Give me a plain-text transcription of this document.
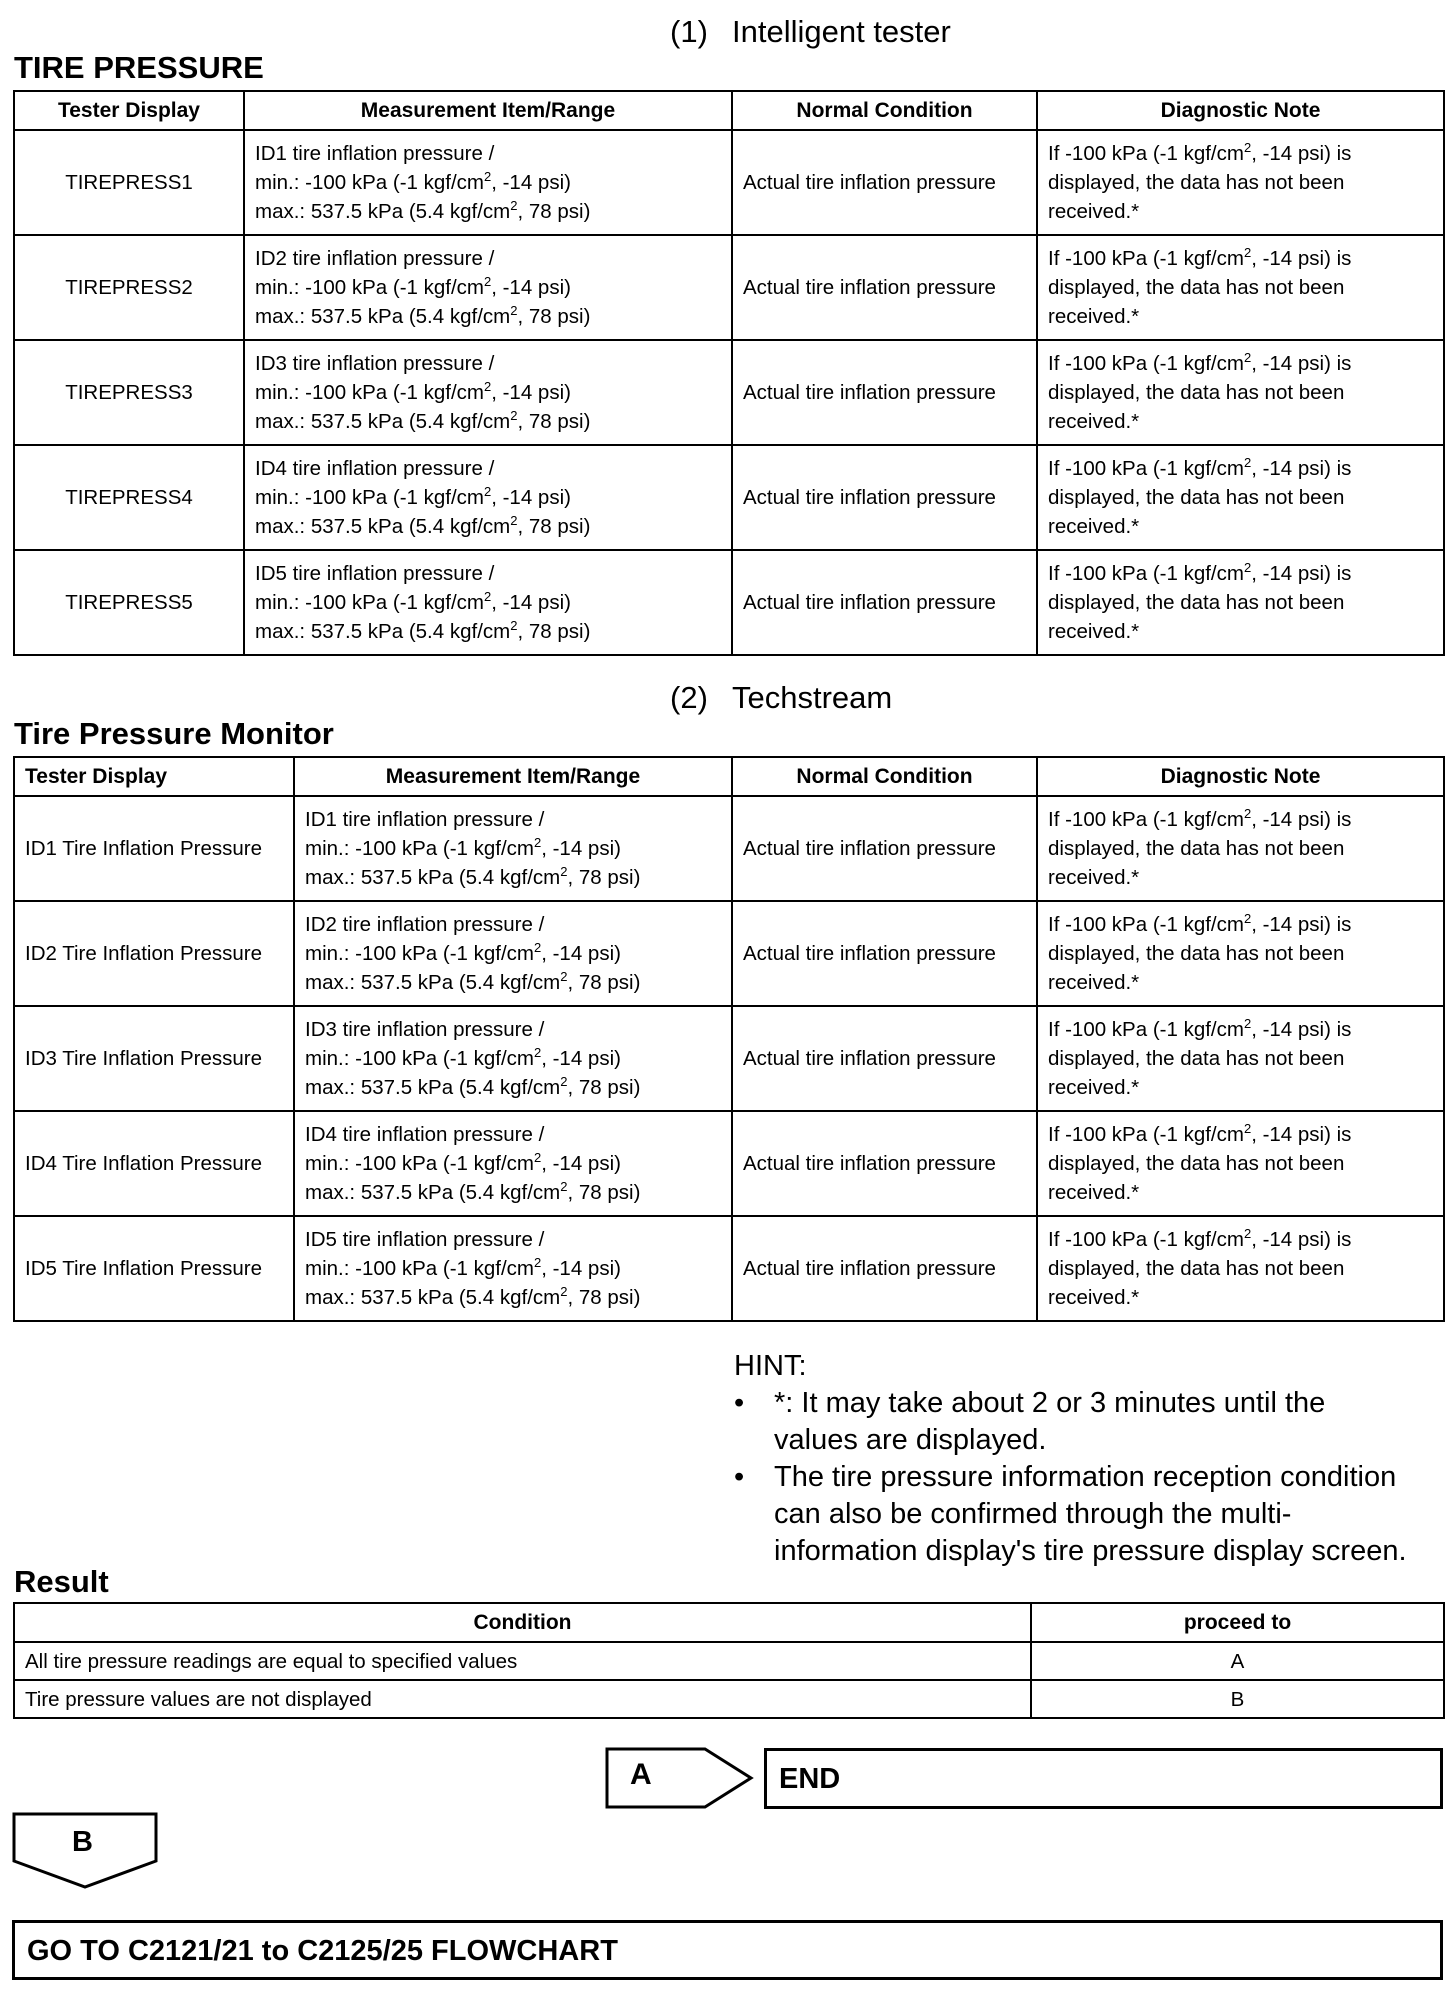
(1) Intelligent tester
TIRE PRESSURE
Tester Display	Measurement Item/Range	Normal Condition	Diagnostic Note
TIREPRESS1	ID1 tire inflation pressure /
min.: -100 kPa (-1 kgf/$cm^2$, -14 psi)
max.: 537.5 kPa (5.4 kgf/$cm^2$, 78 psi)	Actual tire inflation pressure	If -100 kPa (-1 kgf/$cm^2$, -14 psi) is
displayed, the data has not been
received.*

TIREPRESS2	ID2 tire inflation pressure /
min.: -100 kPa (-1 kgf/$cm^2$, -14 psi)
max.: 537.5 kPa (5.4 kgf/$cm^2$, 78 psi)	Actual tire inflation pressure	If -100 kPa (-1 kgf/$cm^2$, -14 psi) is
displayed, the data has not been
received.*

TIREPRESS3	ID3 tire inflation pressure /
min.: -100 kPa (-1 kgf/$cm^2$, -14 psi)
max.: 537.5 kPa (5.4 kgf/$cm^2$, 78 psi)	Actual tire inflation pressure	If -100 kPa (-1 kgf/$cm^2$, -14 psi) is
displayed, the data has not been
received.*

TIREPRESS4	ID4 tire inflation pressure /
min.: -100 kPa (-1 kgf/$cm^2$, -14 psi)
max.: 537.5 kPa (5.4 kgf/$cm^2$, 78 psi)	Actual tire inflation pressure	If -100 kPa (-1 kgf/$cm^2$, -14 psi) is
displayed, the data has not been
received.*

TIREPRESS5	ID5 tire inflation pressure /
min.: -100 kPa (-1 kgf/$cm^2$, -14 psi)
max.: 537.5 kPa (5.4 kgf/$cm^2$, 78 psi)	Actual tire inflation pressure	If -100 kPa (-1 kgf/$cm^2$, -14 psi) is
displayed, the data has not been
received.*
(2) Techstream
Tire Pressure Monitor
Tester Display	Measurement Item/Range	Normal Condition	Diagnostic Note
ID1 Tire Inflation Pressure	ID1 tire inflation pressure /
min.: -100 kPa (-1 kgf/$cm^2$, -14 psi)
max.: 537.5 kPa (5.4 kgf/$cm^2$, 78 psi)	Actual tire inflation pressure	If -100 kPa (-1 kgf/$cm^2$, -14 psi) is
displayed, the data has not been
received.*

ID2 Tire Inflation Pressure	ID2 tire inflation pressure /
min.: -100 kPa (-1 kgf/$cm^2$, -14 psi)
max.: 537.5 kPa (5.4 kgf/$cm^2$, 78 psi)	Actual tire inflation pressure	If -100 kPa (-1 kgf/$cm^2$, -14 psi) is
displayed, the data has not been
received.*

ID3 Tire Inflation Pressure	ID3 tire inflation pressure /
min.: -100 kPa (-1 kgf/$cm^2$, -14 psi)
max.: 537.5 kPa (5.4 kgf/$cm^2$, 78 psi)	Actual tire inflation pressure	If -100 kPa (-1 kgf/$cm^2$, -14 psi) is
displayed, the data has not been
received.*

ID4 Tire Inflation Pressure	ID4 tire inflation pressure /
min.: -100 kPa (-1 kgf/$cm^2$, -14 psi)
max.: 537.5 kPa (5.4 kgf/$cm^2$, 78 psi)	Actual tire inflation pressure	If -100 kPa (-1 kgf/$cm^2$, -14 psi) is
displayed, the data has not been
received.*

ID5 Tire Inflation Pressure	ID5 tire inflation pressure /
min.: -100 kPa (-1 kgf/$cm^2$, -14 psi)
max.: 537.5 kPa (5.4 kgf/$cm^2$, 78 psi)	Actual tire inflation pressure	If -100 kPa (-1 kgf/$cm^2$, -14 psi) is
displayed, the data has not been
received.*
HINT:
• *: It may take about 2 or 3 minutes until the
values are displayed.
• The tire pressure information reception condition
can also be confirmed through the multi-
information display's tire pressure display screen.
Result
Condition	proceed to
All tire pressure readings are equal to specified values	A
Tire pressure values are not displayed	B
A	END
B
GO TO C2121/21 to C2125/25 FLOWCHART
